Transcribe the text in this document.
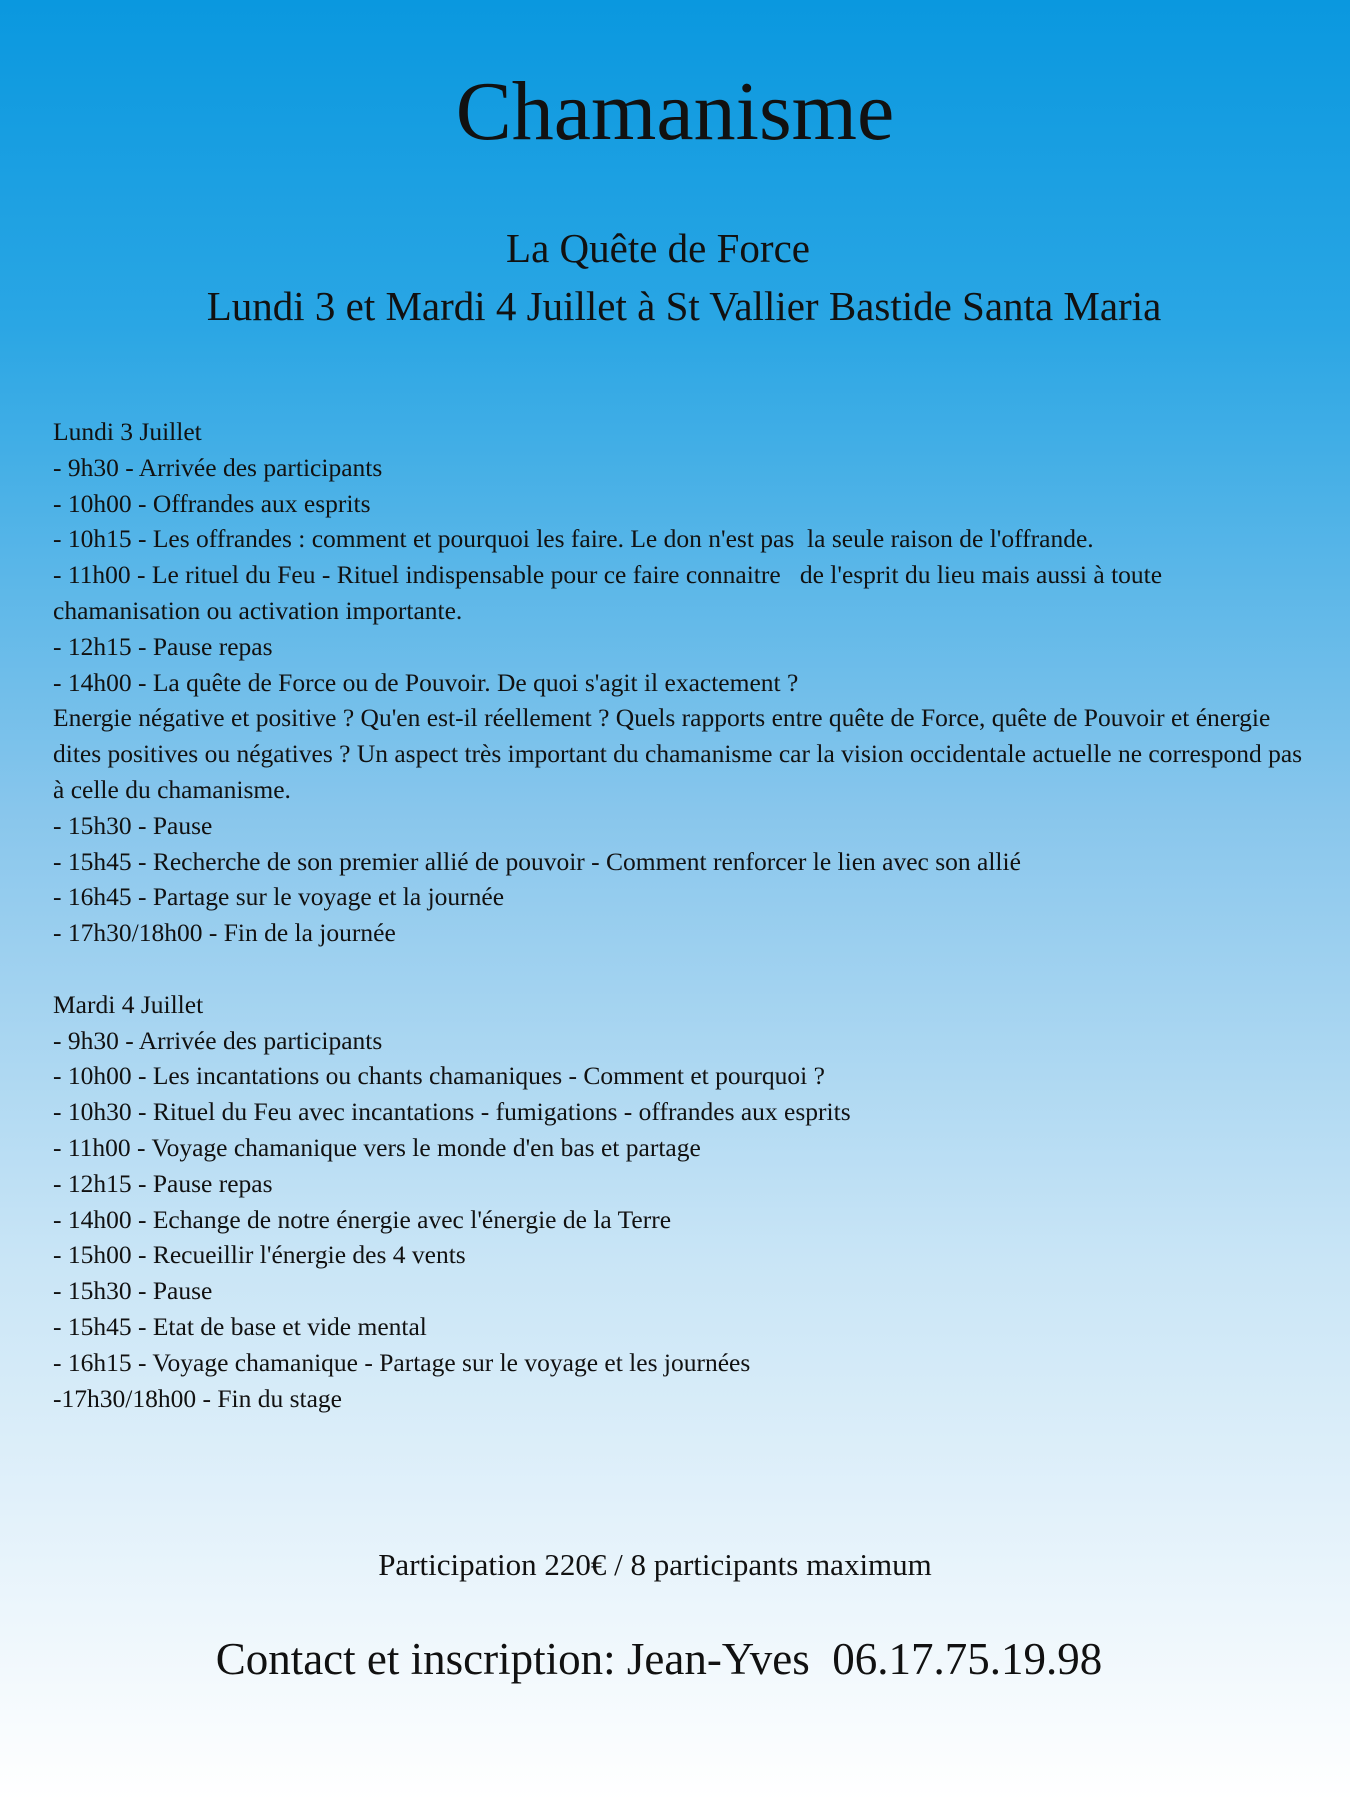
Chamanisme
La Quête de Force
Lundi 3 et Mardi 4 Juillet à St Vallier Bastide Santa Maria
Lundi 3 Juillet
- 9h30 - Arrivée des participants
- 10h00 - Offrandes aux esprits
- 10h15 - Les offrandes : comment et pourquoi les faire. Le don n'est pas  la seule raison de l'offrande.
- 11h00 - Le rituel du Feu - Rituel indispensable pour ce faire connaitre   de l'esprit du lieu mais aussi à toute chamanisation ou activation importante.
- 12h15 - Pause repas
- 14h00 - La quête de Force ou de Pouvoir. De quoi s'agit il exactement ?
Energie négative et positive ? Qu'en est-il réellement ? Quels rapports entre quête de Force, quête de Pouvoir et énergie dites positives ou négatives ? Un aspect très important du chamanisme car la vision occidentale actuelle ne correspond pas à celle du chamanisme.
- 15h30 - Pause
- 15h45 - Recherche de son premier allié de pouvoir - Comment renforcer le lien avec son allié
- 16h45 - Partage sur le voyage et la journée
- 17h30/18h00 - Fin de la journée
Mardi 4 Juillet
- 9h30 - Arrivée des participants
- 10h00 - Les incantations ou chants chamaniques - Comment et pourquoi ?
- 10h30 - Rituel du Feu avec incantations - fumigations - offrandes aux esprits
- 11h00 - Voyage chamanique vers le monde d'en bas et partage
- 12h15 - Pause repas
- 14h00 - Echange de notre énergie avec l'énergie de la Terre
- 15h00 - Recueillir l'énergie des 4 vents
- 15h30 - Pause
- 15h45 - Etat de base et vide mental
- 16h15 - Voyage chamanique - Partage sur le voyage et les journées
-17h30/18h00 - Fin du stage
Participation 220€ / 8 participants maximum
Contact et inscription: Jean-Yves  06.17.75.19.98
